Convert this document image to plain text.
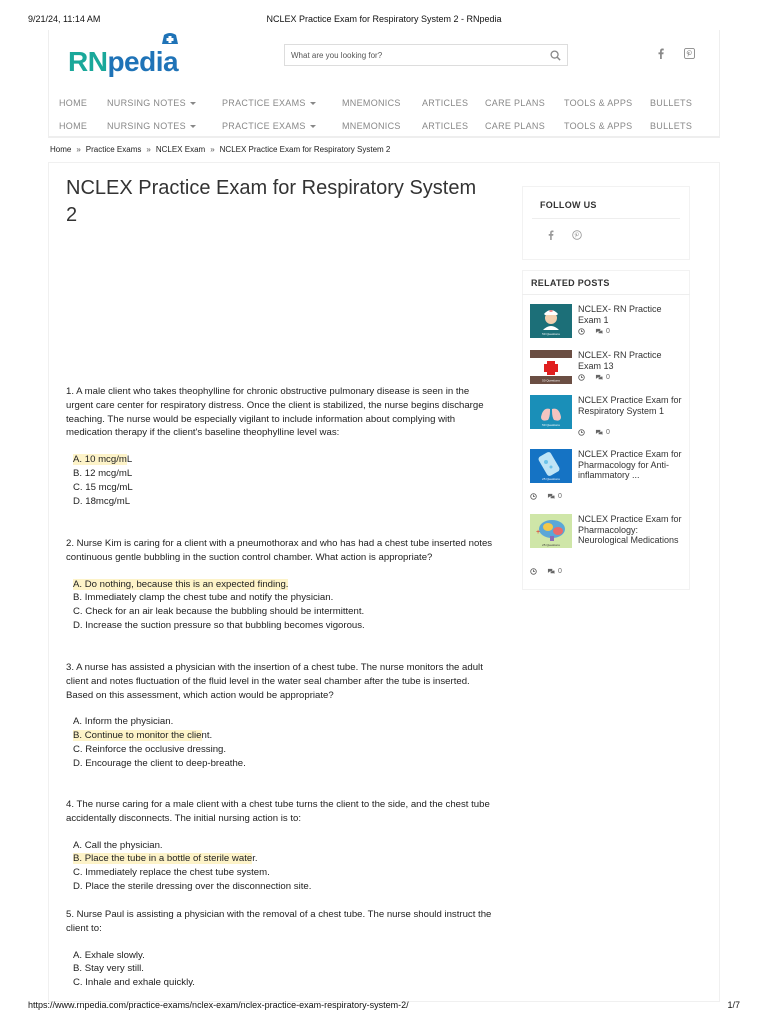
9/21/24, 11:14 AM	NCLEX Practice Exam for Respiratory System 2 - RNpedia
RNpedia
What are you looking for?
HOME NURSING NOTES	PRACTICE EXAMS	MNEMONICS ARTICLES CARE PLANS TOOLS & APPS BULLETS
HOME NURSING NOTES	PRACTICE EXAMS	MNEMONICS ARTICLES CARE PLANS TOOLS & APPS BULLETS
Home » Practice Exams » NCLEX Exam » NCLEX Practice Exam for Respiratory System 2
NCLEX Practice Exam for Respiratory System 2
1. A male client who takes theophylline for chronic obstructive pulmonary disease is seen in the urgent care center for respiratory distress. Once the client is stabilized, the nurse begins discharge teaching. The nurse would be especially vigilant to include information about complying with medication therapy if the client's baseline theophylline level was:
A. 10 mcg/mL
B. 12 mcg/mL
C. 15 mcg/mL
D. 18mcg/mL
2. Nurse Kim is caring for a client with a pneumothorax and who has had a chest tube inserted notes continuous gentle bubbling in the suction control chamber. What action is appropriate?
A. Do nothing, because this is an expected finding.
B. Immediately clamp the chest tube and notify the physician.
C. Check for an air leak because the bubbling should be intermittent.
D. Increase the suction pressure so that bubbling becomes vigorous.
3. A nurse has assisted a physician with the insertion of a chest tube. The nurse monitors the adult client and notes fluctuation of the fluid level in the water seal chamber after the tube is inserted. Based on this assessment, which action would be appropriate?
A. Inform the physician.
B. Continue to monitor the client.
C. Reinforce the occlusive dressing.
D. Encourage the client to deep-breathe.
4. The nurse caring for a male client with a chest tube turns the client to the side, and the chest tube accidentally disconnects. The initial nursing action is to:
A. Call the physician.
B. Place the tube in a bottle of sterile water.
C. Immediately replace the chest tube system.
D. Place the sterile dressing over the disconnection site.
5. Nurse Paul is assisting a physician with the removal of a chest tube. The nurse should instruct the client to:
A. Exhale slowly.
B. Stay very still.
C. Inhale and exhale quickly.
FOLLOW US
RELATED POSTS
50 Questions
NCLEX- RN Practice Exam 1
0
50 Questions
NCLEX- RN Practice Exam 13
0
50 Questions
NCLEX Practice Exam for Respiratory System 1
0
25 Questions
NCLEX Practice Exam for Pharmacology for Anti-inflammatory ...
0
+
25 Questions
NCLEX Practice Exam for Pharmacology: Neurological Medications
0
https://www.rnpedia.com/practice-exams/nclex-exam/nclex-practice-exam-respiratory-system-2/	1/7
